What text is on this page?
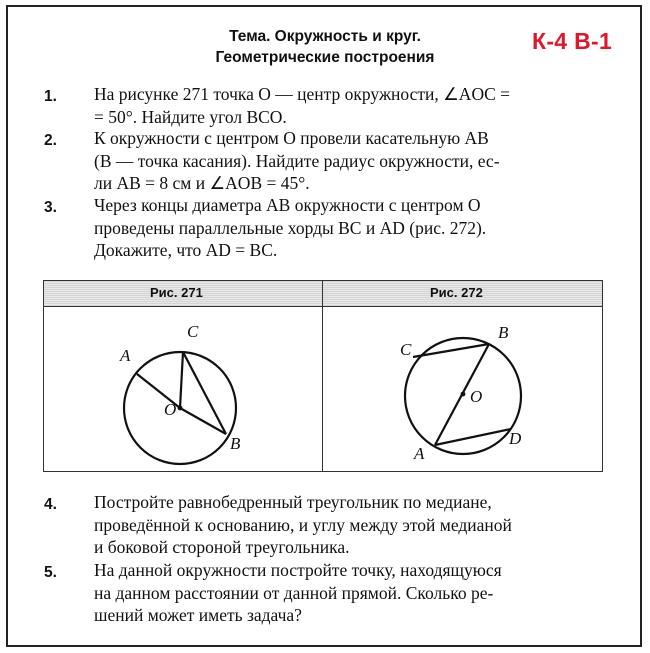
Тема. Окружность и круг.
Геометрические построения
К-4 В-1
1. На рисунке 271 точка O — центр окружности, ∠AOC =
= 50°. Найдите угол BCO.
2. К окружности с центром O провели касательную AB
(B — точка касания). Найдите радиус окружности, ес-
ли AB = 8 см и ∠AOB = 45°.
3. Через концы диаметра AB окружности с центром O
проведены параллельные хорды BC и AD (рис. 272).
Докажите, что AD = BC.
Рис. 271	Рис. 272
A
C
O
B
B
C
O
D
A
4. Постройте равнобедренный треугольник по медиане,
проведённой к основанию, и углу между этой медианой
и боковой стороной треугольника.
5. На данной окружности постройте точку, находящуюся
на данном расстоянии от данной прямой. Сколько ре-
шений может иметь задача?
